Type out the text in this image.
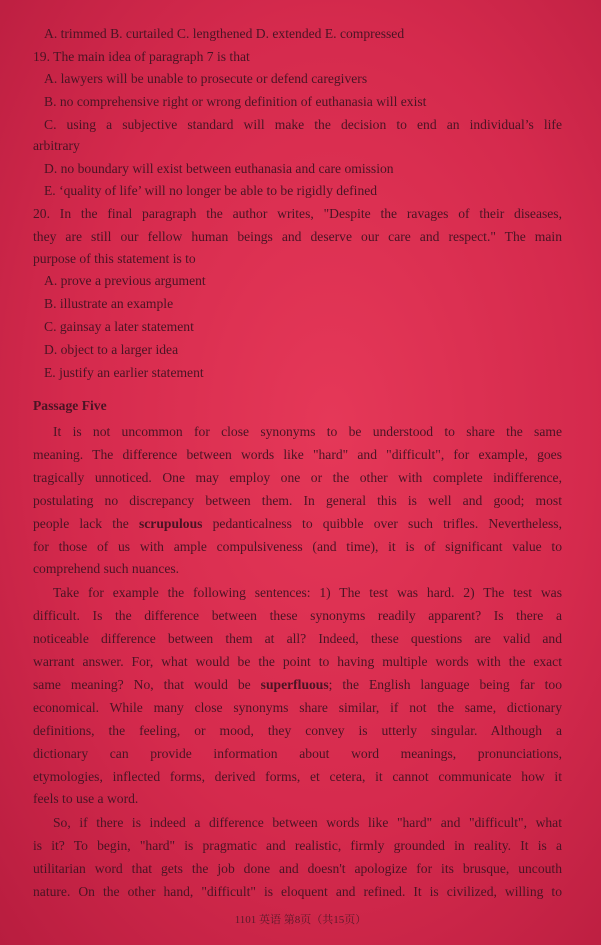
A. trimmed B. curtailed C. lengthened D. extended E. compressed
19. The main idea of paragraph 7 is that
A. lawyers will be unable to prosecute or defend caregivers
B. no comprehensive right or wrong definition of euthanasia will exist
C. using a subjective standard will make the decision to end an individual’s life
arbitrary
D. no boundary will exist between euthanasia and care omission
E. ‘quality of life’ will no longer be able to be rigidly defined
20. In the final paragraph the author writes, "Despite the ravages of their diseases,
they are still our fellow human beings and deserve our care and respect." The main
purpose of this statement is to
A. prove a previous argument
B. illustrate an example
C. gainsay a later statement
D. object to a larger idea
E. justify an earlier statement
Passage Five
It is not uncommon for close synonyms to be understood to share the same
meaning. The difference between words like "hard" and "difficult", for example, goes
tragically unnoticed. One may employ one or the other with complete indifference,
postulating no discrepancy between them. In general this is well and good; most
people lack the scrupulous pedanticalness to quibble over such trifles. Nevertheless,
for those of us with ample compulsiveness (and time), it is of significant value to
comprehend such nuances.
Take for example the following sentences: 1) The test was hard. 2) The test was
difficult. Is the difference between these synonyms readily apparent? Is there a
noticeable difference between them at all? Indeed, these questions are valid and
warrant answer. For, what would be the point to having multiple words with the exact
same meaning? No, that would be superfluous; the English language being far too
economical. While many close synonyms share similar, if not the same, dictionary
definitions, the feeling, or mood, they convey is utterly singular. Although a
dictionary can provide information about word meanings, pronunciations,
etymologies, inflected forms, derived forms, et cetera, it cannot communicate how it
feels to use a word.
So, if there is indeed a difference between words like "hard" and "difficult", what
is it? To begin, "hard" is pragmatic and realistic, firmly grounded in reality. It is a
utilitarian word that gets the job done and doesn't apologize for its brusque, uncouth
nature. On the other hand, "difficult" is eloquent and refined. It is civilized, willing to
1101 英语 第8页（共15页）
